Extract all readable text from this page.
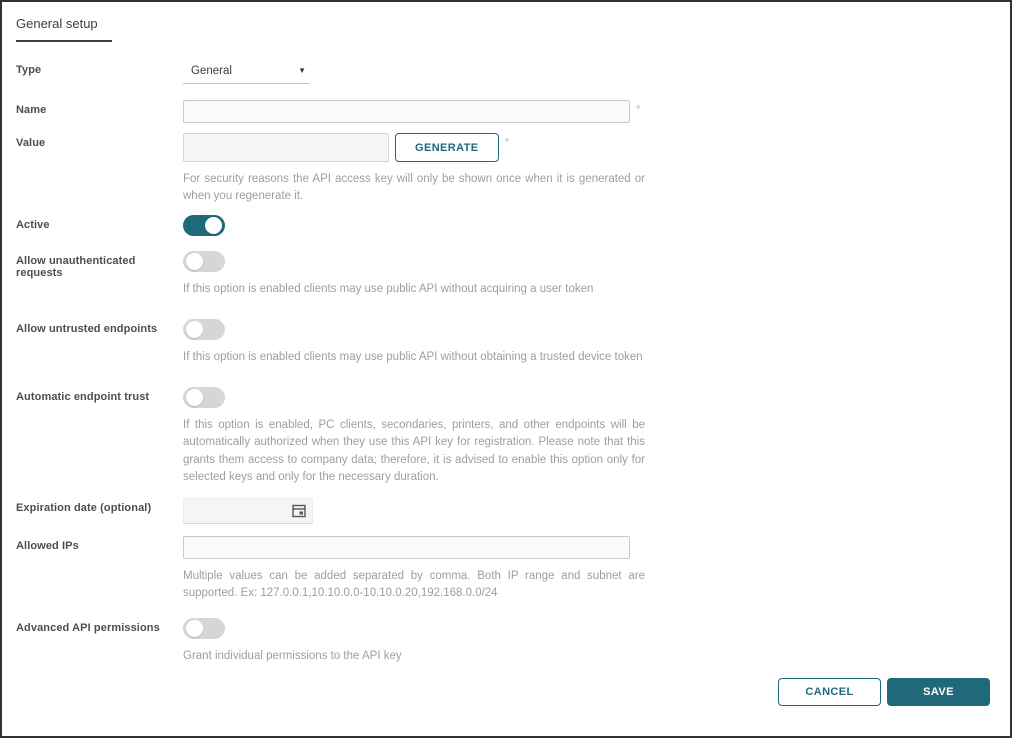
General setup
Type	General	▼
Name	*
Value	GENERATE	*
For security reasons the API access key will only be shown once when it is generated or when you regenerate it.
Active
Allow unauthenticated requests
If this option is enabled clients may use public API without acquiring a user token
Allow untrusted endpoints
If this option is enabled clients may use public API without obtaining a trusted device token
Automatic endpoint trust
If this option is enabled, PC clients, secondaries, printers, and other endpoints will be automatically authorized when they use this API key for registration. Please note that this grants them access to company data; therefore, it is advised to enable this option only for selected keys and only for the necessary duration.
Expiration date (optional)
Allowed IPs
Multiple values can be added separated by comma. Both IP range and subnet are supported. Ex: 127.0.0.1,10.10.0.0-10.10.0.20,192.168.0.0/24
Advanced API permissions
Grant individual permissions to the API key
CANCEL	SAVE
